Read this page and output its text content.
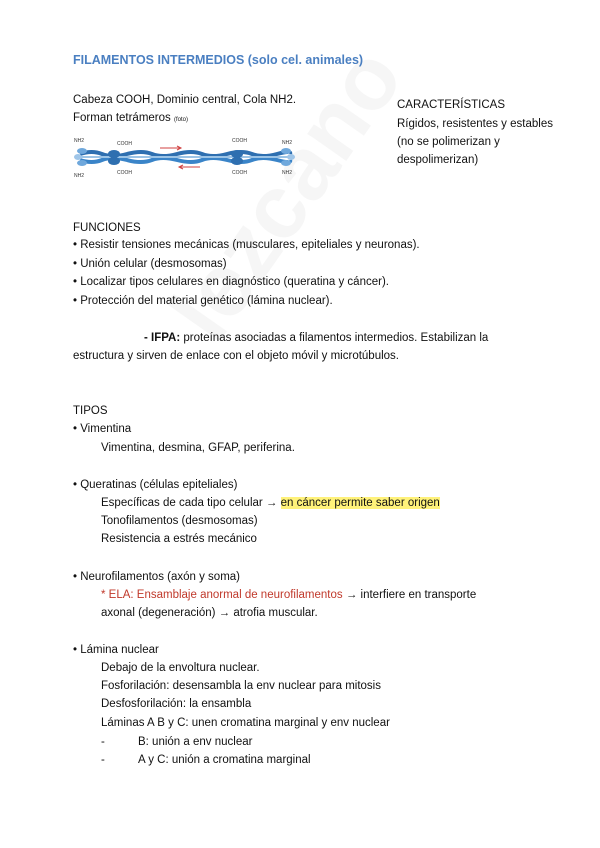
FILAMENTOS INTERMEDIOS (solo cel. animales)
Cabeza COOH, Dominio central, Cola NH2.
Forman tetrámeros (foto)
NH2
NH2
COOH
COOH
COOH
COOH
NH2
NH2
CARACTERÍSTICAS
Rígidos, resistentes y estables
(no se polimerizan y
despolimerizan)
FUNCIONES
• Resistir tensiones mecánicas (musculares, epiteliales y neuronas).
• Unión celular (desmosomas)
• Localizar tipos celulares en diagnóstico (queratina y cáncer).
• Protección del material genético (lámina nuclear).
- IFPA: proteínas asociadas a filamentos intermedios. Estabilizan la
estructura y sirven de enlace con el objeto móvil y microtúbulos.
TIPOS
• Vimentina
Vimentina, desmina, GFAP, periferina.
• Queratinas (células epiteliales)
Específicas de cada tipo celular → en cáncer permite saber origen
Tonofilamentos (desmosomas)
Resistencia a estrés mecánico
• Neurofilamentos (axón y soma)
* ELA: Ensamblaje anormal de neurofilamentos → interfiere en transporte
axonal (degeneración) → atrofia muscular.
• Lámina nuclear
Debajo de la envoltura nuclear.
Fosforilación: desensambla la env nuclear para mitosis
Desfosforilación: la ensambla
Láminas A B y C: unen cromatina marginal y env nuclear
-	B: unión a env nuclear
-	A y C: unión a cromatina marginal
